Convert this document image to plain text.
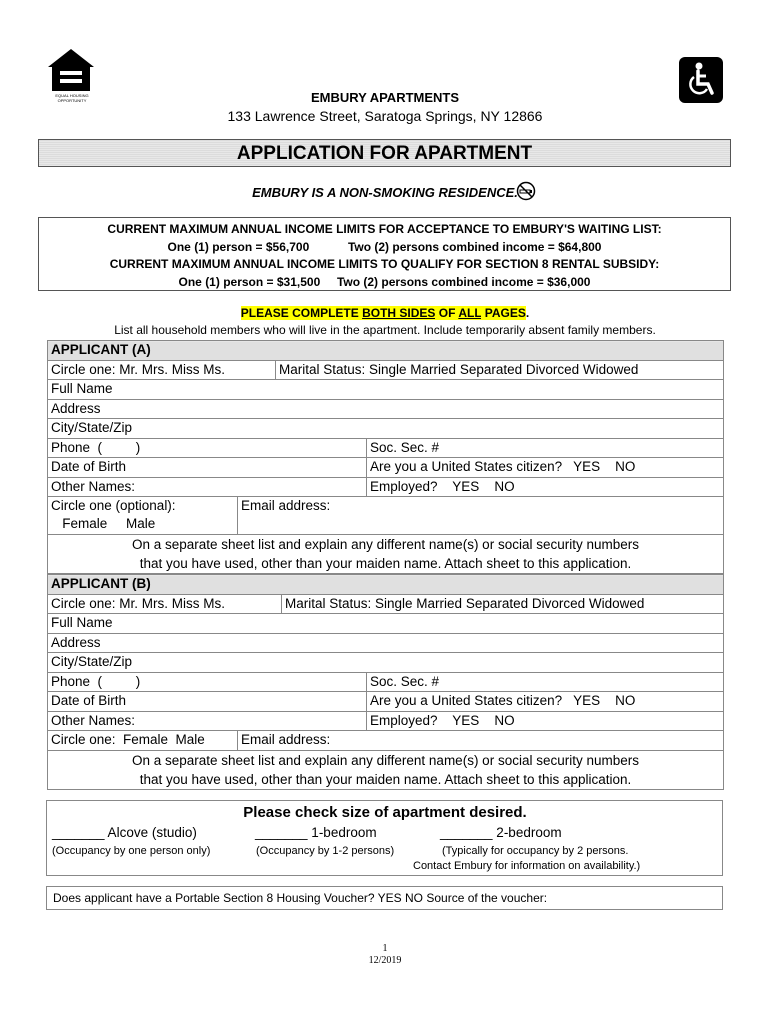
EQUAL HOUSING OPPORTUNITY	EMBURY APARTMENTS
133 Lawrence Street, Saratoga Springs, NY 12866
APPLICATION FOR APARTMENT
EMBURY IS A NON-SMOKING RESIDENCE.
CURRENT MAXIMUM ANNUAL INCOME LIMITS FOR ACCEPTANCE TO EMBURY'S WAITING LIST:
One (1) person = $56,700	Two (2) persons combined income = $64,800
CURRENT MAXIMUM ANNUAL INCOME LIMITS TO QUALIFY FOR SECTION 8 RENTAL SUBSIDY:
One (1) person = $31,500 Two (2) persons combined income = $36,000
PLEASE COMPLETE BOTH SIDES OF ALL PAGES.
List all household members who will live in the apartment. Include temporarily absent family members.
APPLICANT (A)			
Circle one: Mr. Mrs. Miss Ms.		Marital Status: Single Married Separated Divorced Widowed	
Full Name			
Address			
City/State/Zip			
Phone  (         )			Soc. Sec. #
Date of Birth			Are you a United States citizen?   YES    NO
Other Names:			Employed?    YES    NO

Circle one (optional):
Female     Male	Email address:		

On a separate sheet list and explain any different name(s) or social security numbers
that you have used, other than your maiden name. Attach sheet to this application.			
APPLICANT (B)			
Circle one: Mr. Mrs. Miss Ms.		Marital Status: Single Married Separated Divorced Widowed	
Full Name			
Address			
City/State/Zip			
Phone  (         )			Soc. Sec. #
Date of Birth			Are you a United States citizen?   YES    NO
Other Names:			Employed?    YES    NO
Circle one:  Female  Male	Email address:		

On a separate sheet list and explain any different name(s) or social security numbers
that you have used, other than your maiden name. Attach sheet to this application.			
Please check size of apartment desired.
_______ Alcove (studio)
(Occupancy by one person only)
_______ 1-bedroom
(Occupancy by 1-2 persons)
_______ 2-bedroom
(Typically for occupancy by 2 persons.
Contact Embury for information on availability.)
Does applicant have a Portable Section 8 Housing Voucher? YES NO Source of the voucher:
1
12/2019
